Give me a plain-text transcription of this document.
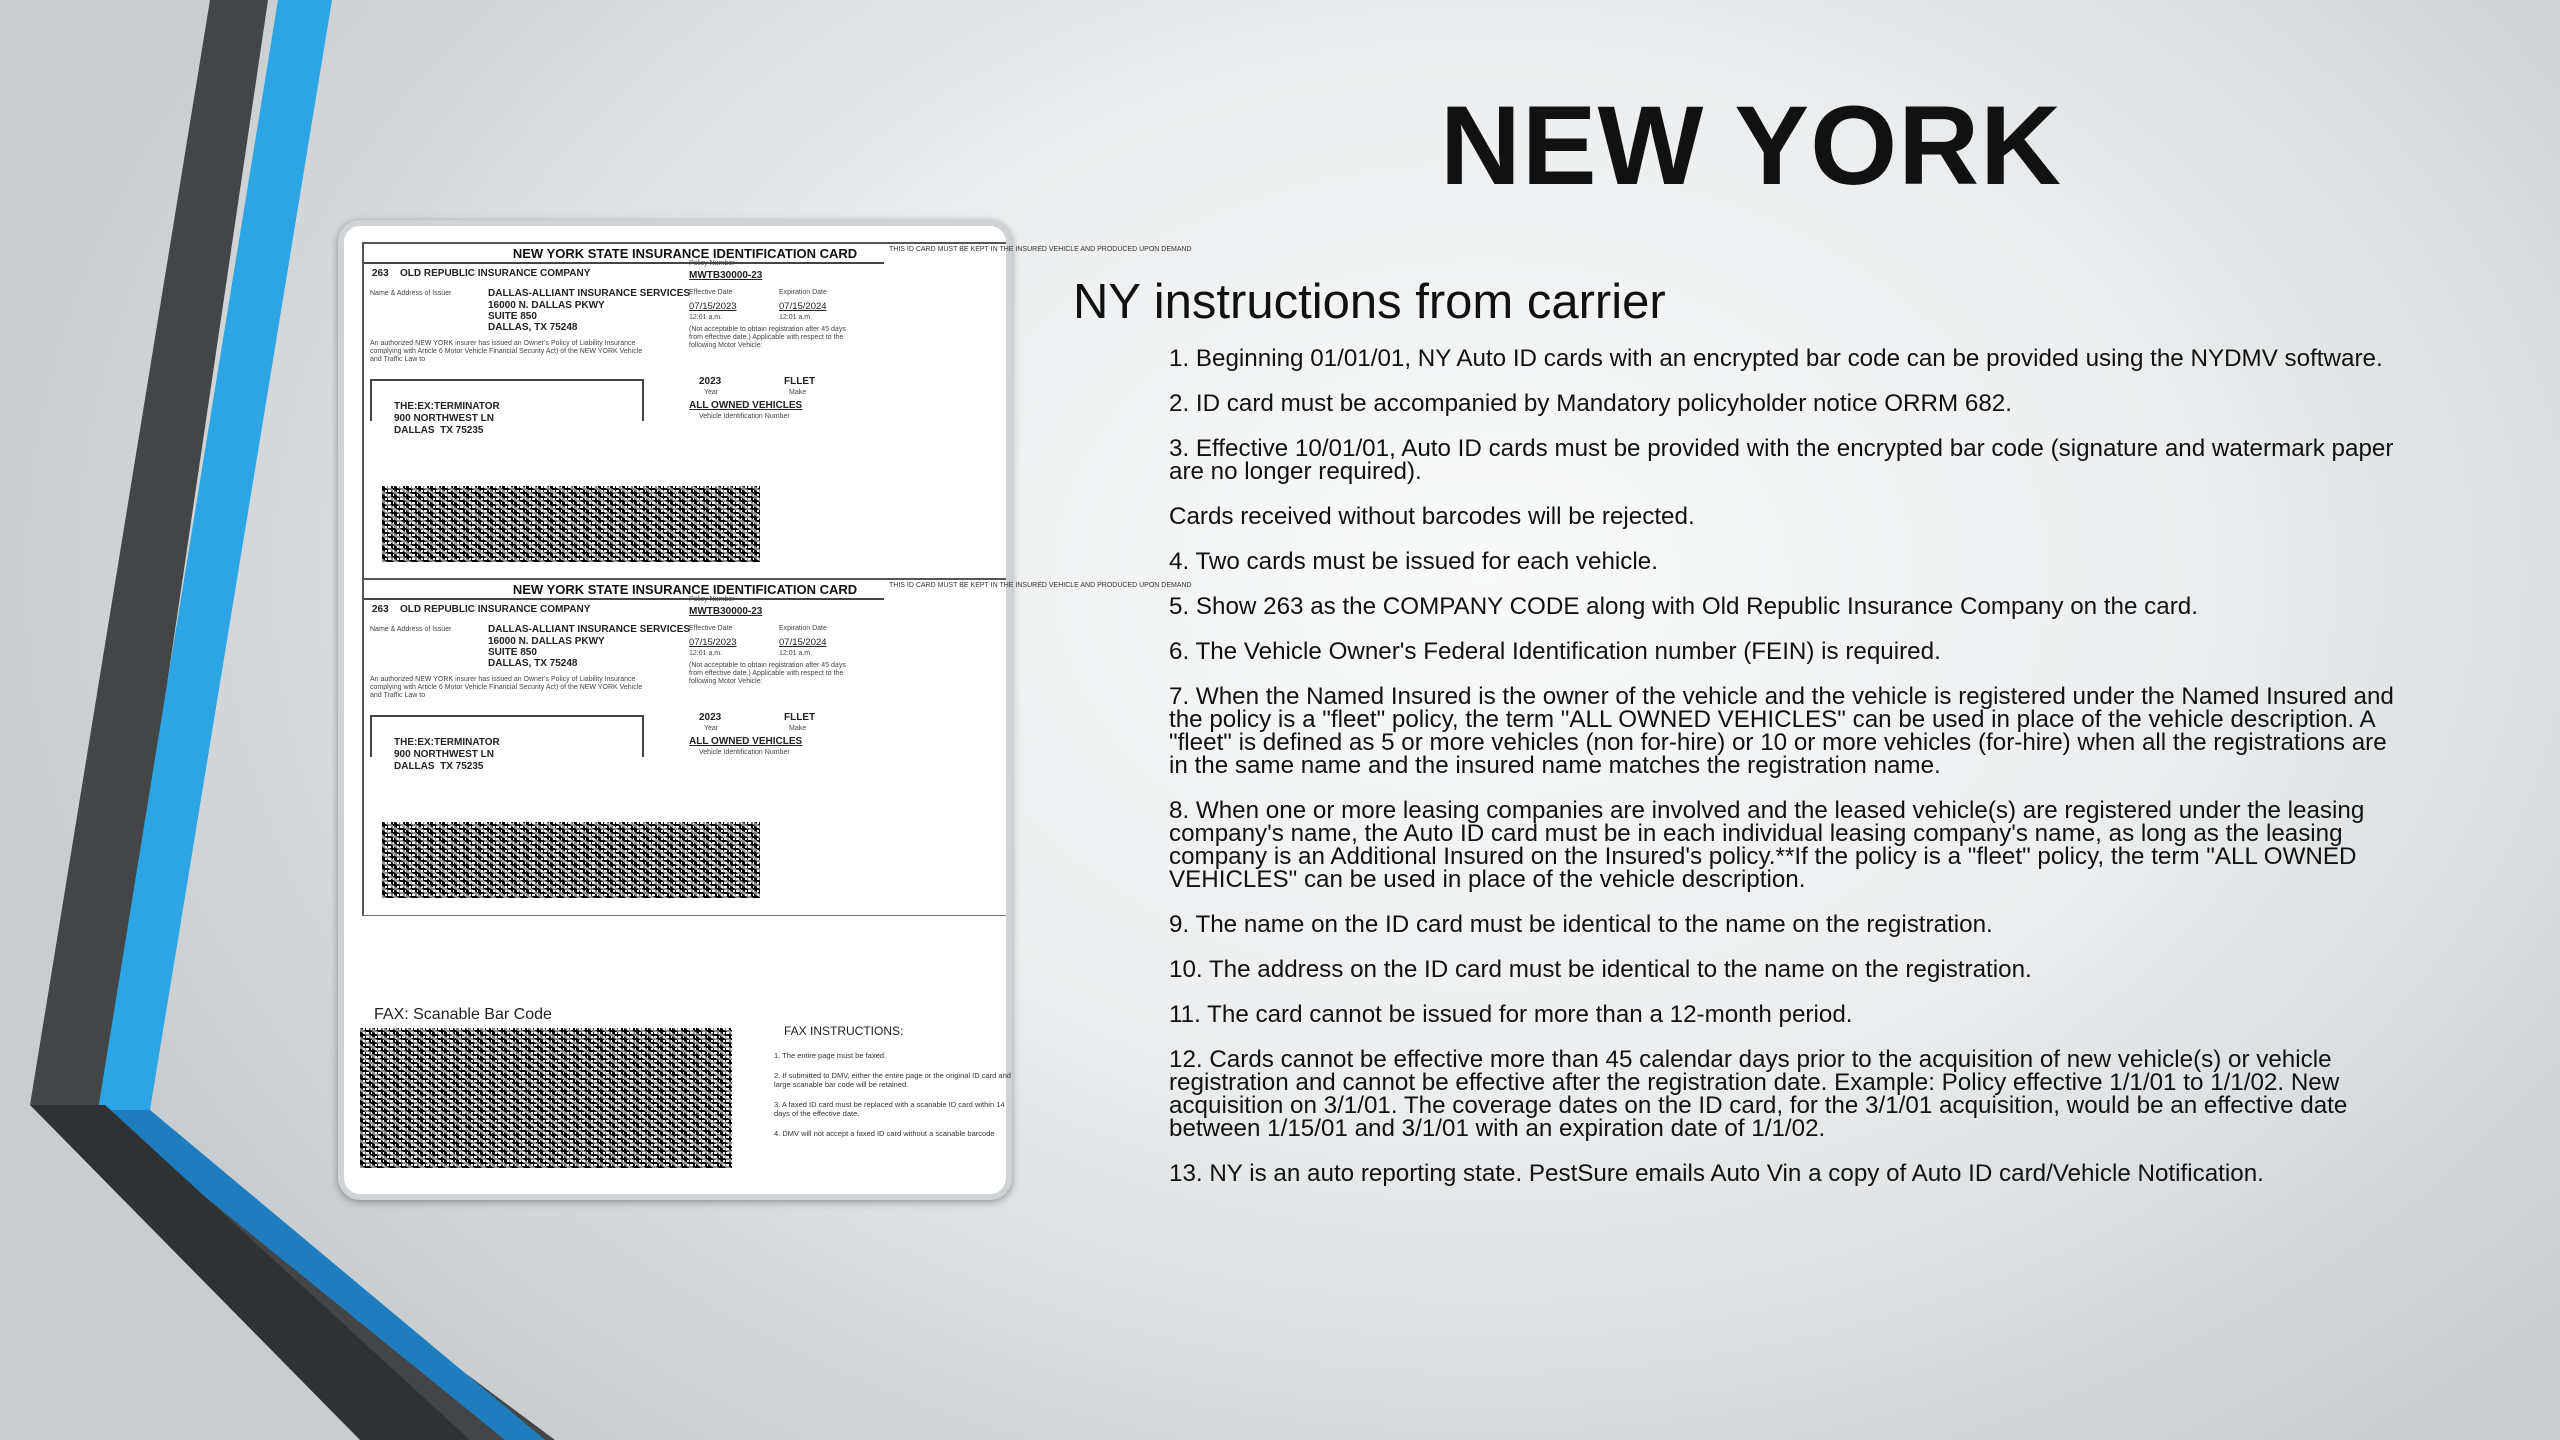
NEW YORK
NY instructions from carrier

1. Beginning 01/01/01, NY Auto ID cards with an encrypted bar code can be provided using the NYDMV software.

2. ID card must be accompanied by Mandatory policyholder notice ORRM 682.

3. Effective 10/01/01, Auto ID cards must be provided with the encrypted bar code (signature and watermark paper are no longer required).

Cards received without barcodes will be rejected.

4. Two cards must be issued for each vehicle.

5. Show 263 as the COMPANY CODE along with Old Republic Insurance Company on the card.

6. The Vehicle Owner's Federal Identification number (FEIN) is required.

7. When the Named Insured is the owner of the vehicle and the vehicle is registered under the Named Insured and the policy is a "fleet" policy, the term "ALL OWNED VEHICLES" can be used in place of the vehicle description. A "fleet" is defined as 5 or more vehicles (non for-hire) or 10 or more vehicles (for-hire) when all the registrations are in the same name and the insured name matches the registration name.

8. When one or more leasing companies are involved and the leased vehicle(s) are registered under the leasing company's name, the Auto ID card must be in each individual leasing company's name, as long as the leasing company is an Additional Insured on the Insured's policy.**If the policy is a "fleet" policy, the term "ALL OWNED VEHICLES" can be used in place of the vehicle description.

9. The name on the ID card must be identical to the name on the registration.

10. The address on the ID card must be identical to the name on the registration.

11. The card cannot be issued for more than a 12-month period.

12. Cards cannot be effective more than 45 calendar days prior to the acquisition of new vehicle(s) or vehicle registration and cannot be effective after the registration date. Example: Policy effective 1/1/01 to 1/1/02. New acquisition on 3/1/01. The coverage dates on the ID card, for the 3/1/01 acquisition, would be an effective date between 1/15/01 and 3/1/01 with an expiration date of 1/1/02.

13. NY is an auto reporting state. PestSure emails Auto Vin a copy of Auto ID card/Vehicle Notification.

NEW YORK STATE INSURANCE IDENTIFICATION CARD
263 OLD REPUBLIC INSURANCE COMPANY
Name & Address of Issuer	DALLAS-ALLIANT INSURANCE SERVICES
16000 N. DALLAS PKWY
SUITE 850
DALLAS, TX 75248
An authorized NEW YORK insurer has issued an Owner's Policy of Liability Insurance complying with Article 6 Motor Vehicle Financial Security Act) of the NEW YORK Vehicle and Traffic Law to
Policy Number
MWTB30000-23
Effective Date	Expiration Date
07/15/2023	07/15/2024
12:01 a.m.	12:01 a.m.
(Not acceptable to obtain registration after 45 days from effective date.) Applicable with respect to the following Motor Vehicle:
2023	FLLET
Year	Make
ALL OWNED VEHICLES
Vehicle Identification Number
THE:EX:TERMINATOR
900 NORTHWEST LN
DALLAS  TX 75235
THIS ID CARD MUST BE KEPT IN THE INSURED VEHICLE AND PRODUCED UPON DEMAND
NEW YORK STATE INSURANCE IDENTIFICATION CARD
263 OLD REPUBLIC INSURANCE COMPANY
Name & Address of Issuer	DALLAS-ALLIANT INSURANCE SERVICES
16000 N. DALLAS PKWY
SUITE 850
DALLAS, TX 75248
An authorized NEW YORK insurer has issued an Owner's Policy of Liability Insurance complying with Article 6 Motor Vehicle Financial Security Act) of the NEW YORK Vehicle and Traffic Law to
Policy Number
MWTB30000-23
Effective Date	Expiration Date
07/15/2023	07/15/2024
12:01 a.m.	12:01 a.m.
(Not acceptable to obtain registration after 45 days from effective date.) Applicable with respect to the following Motor Vehicle:
2023	FLLET
Year	Make
ALL OWNED VEHICLES
Vehicle Identification Number
THE:EX:TERMINATOR
900 NORTHWEST LN
DALLAS  TX 75235
THIS ID CARD MUST BE KEPT IN THE INSURED VEHICLE AND PRODUCED UPON DEMAND
FAX: Scanable Bar Code
FAX INSTRUCTIONS:
1. The entire page must be faxed.
2. If submitted to DMV, either the entire page or the original ID card and large scanable bar code will be retained.
3. A faxed ID card must be replaced with a scanable ID card within 14 days of the effective date.
4. DMV will not accept a faxed ID card without a scanable barcode
